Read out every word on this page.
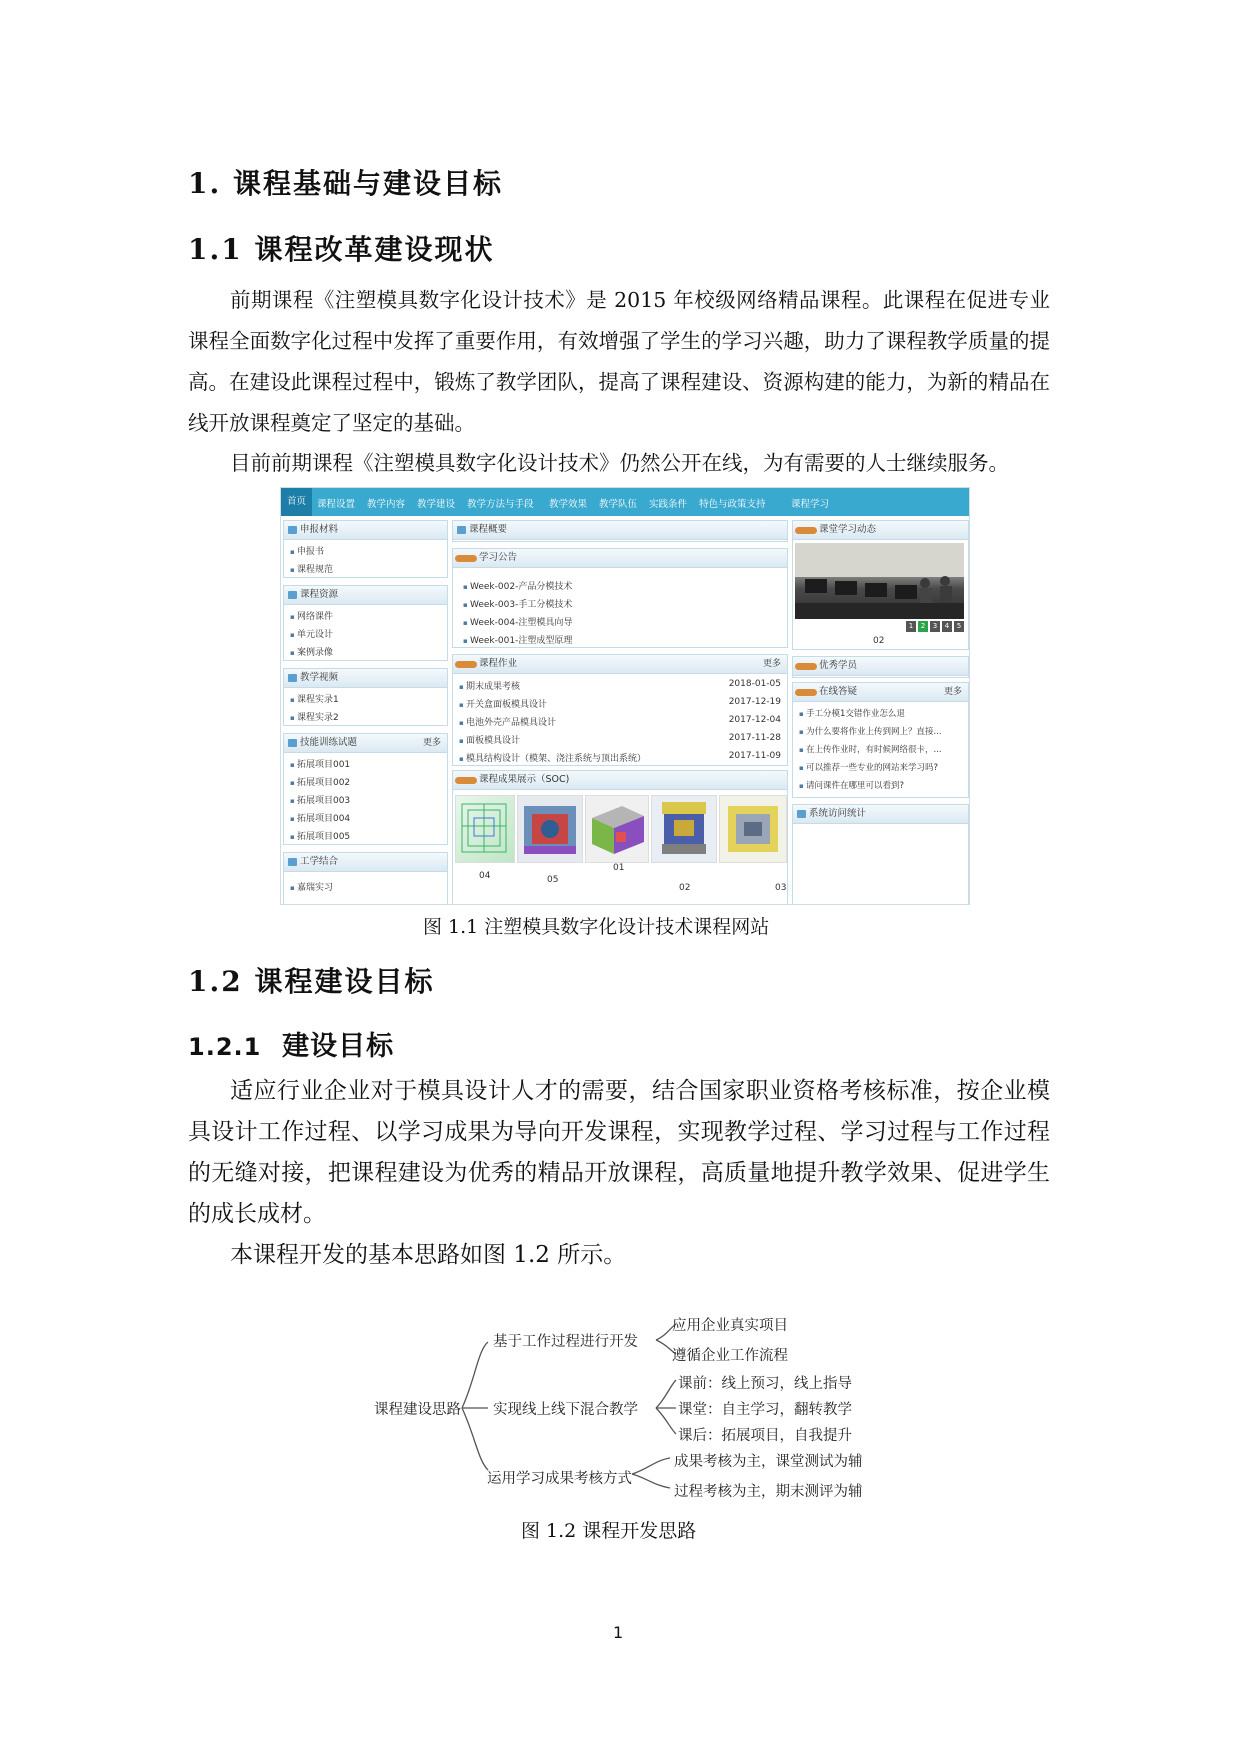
1. 课程基础与建设目标
1.1 课程改革建设现状
前期课程《注塑模具数字化设计技术》是 2015 年校级网络精品课程。此课程在促进专业课程全面数字化过程中发挥了重要作用，有效增强了学生的学习兴趣，助力了课程教学质量的提高。在建设此课程过程中，锻炼了教学团队，提高了课程建设、资源构建的能力，为新的精品在线开放课程奠定了坚定的基础。
目前前期课程《注塑模具数字化设计技术》仍然公开在线，为有需要的人士继续服务。
首页	课程设置 教学内容 教学建设 教学方法与手段 教学效果 教学队伍 实践条件 特色与政策支持	课程学习
申报材料
▪ 申报书
▪ 课程规范
课程资源
▪ 网络课件
▪ 单元设计
▪ 案例录像
教学视频
▪ 课程实录1
▪ 课程实录2
技能训练试题	更多
▪ 拓展项目001
▪ 拓展项目002
▪ 拓展项目003
▪ 拓展项目004
▪ 拓展项目005
工学结合
▪ 嘉瑞实习
课程概要
学习公告
▪ Week-002-产品分模技术
▪ Week-003-手工分模技术
▪ Week-004-注塑模具向导
▪ Week-001-注塑成型原理
课程作业	更多
▪ 期末成果考核	2018-01-05
▪ 开关盒面板模具设计	2017-12-19
▪ 电池外壳产品模具设计	2017-12-04
▪ 面板模具设计	2017-11-28
▪ 模具结构设计（模架、浇注系统与顶出系统）	2017-11-09
课程成果展示（SOC)
04	05
01
02	03
课堂学习动态
1 2 3 4 5
02
优秀学员
在线答疑	更多
▪ 手工分模1交错作业怎么退
▪ 为什么要将作业上传到网上？直接...
▪ 在上传作业时，有时候网络很卡，...
▪ 可以推荐一些专业的网站来学习吗?
▪ 请问课件在哪里可以看到?
系统访问统计
图 1.1 注塑模具数字化设计技术课程网站
1.2 课程建设目标
1.2.1 建设目标
适应行业企业对于模具设计人才的需要，结合国家职业资格考核标准，按企业模具设计工作过程、以学习成果为导向开发课程，实现教学过程、学习过程与工作过程的无缝对接，把课程建设为优秀的精品开放课程，高质量地提升教学效果、促进学生的成长成材。
本课程开发的基本思路如图 1.2 所示。
课程建设思路
基于工作过程进行开发
实现线上线下混合教学
运用学习成果考核方式
应用企业真实项目
遵循企业工作流程
课前：线上预习，线上指导
课堂：自主学习，翻转教学
课后：拓展项目，自我提升
成果考核为主，课堂测试为辅
过程考核为主，期末测评为辅
图 1.2 课程开发思路
1
